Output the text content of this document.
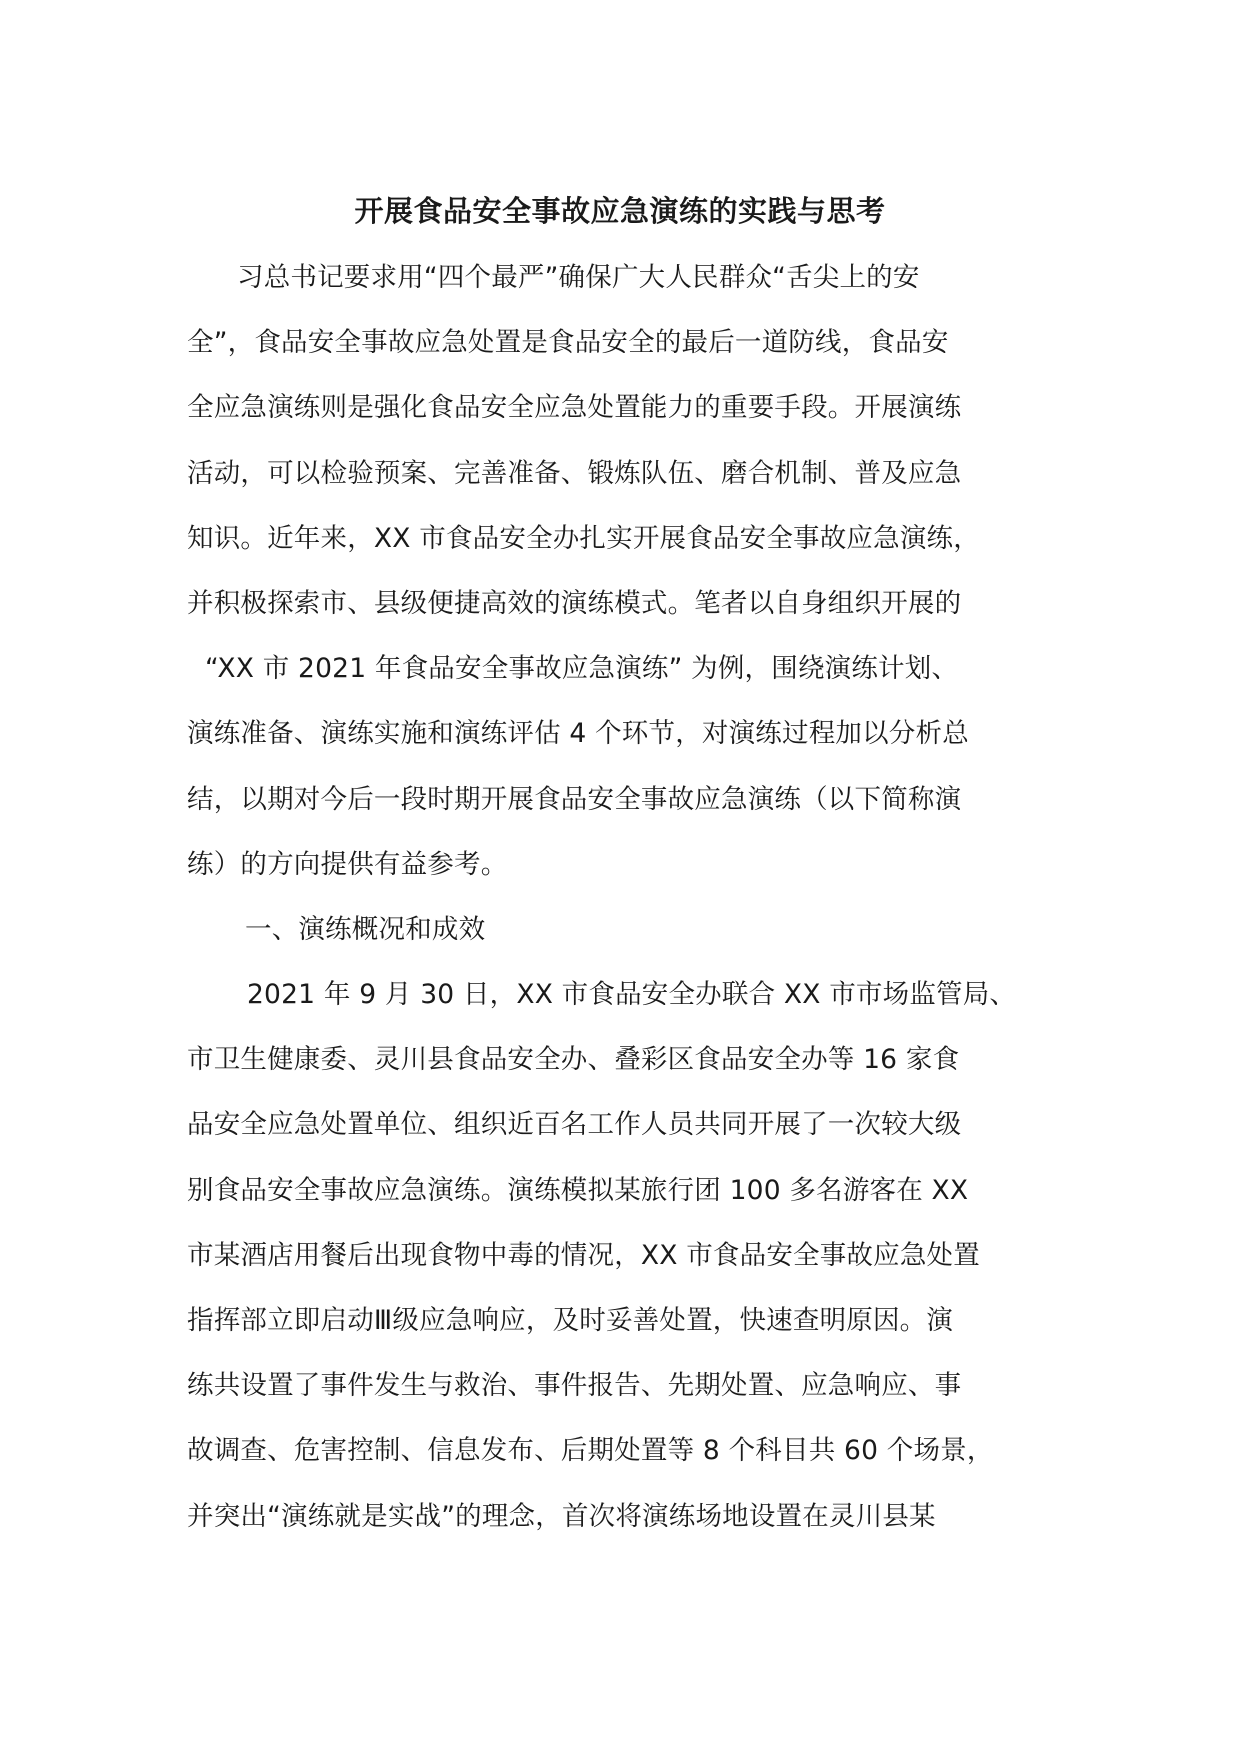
开展食品安全事故应急演练的实践与思考
习总书记要求用“四个最严”确保广大人民群众“舌尖上的安
全”，食品安全事故应急处置是食品安全的最后一道防线，食品安
全应急演练则是强化食品安全应急处置能力的重要手段。开展演练
活动，可以检验预案、完善准备、锻炼队伍、磨合机制、普及应急
知识。近年来，XX 市食品安全办扎实开展食品安全事故应急演练，
并积极探索市、县级便捷高效的演练模式。笔者以自身组织开展的
“XX 市 2021 年食品安全事故应急演练” 为例，围绕演练计划、
演练准备、演练实施和演练评估 4 个环节，对演练过程加以分析总
结，以期对今后一段时期开展食品安全事故应急演练（以下简称演
练）的方向提供有益参考。
一、演练概况和成效
2021 年 9 月 30 日，XX 市食品安全办联合 XX 市市场监管局、
市卫生健康委、灵川县食品安全办、叠彩区食品安全办等 16 家食
品安全应急处置单位、组织近百名工作人员共同开展了一次较大级
别食品安全事故应急演练。演练模拟某旅行团 100 多名游客在 XX
市某酒店用餐后出现食物中毒的情况，XX 市食品安全事故应急处置
指挥部立即启动Ⅲ级应急响应，及时妥善处置，快速查明原因。演
练共设置了事件发生与救治、事件报告、先期处置、应急响应、事
故调查、危害控制、信息发布、后期处置等 8 个科目共 60 个场景，
并突出“演练就是实战”的理念，首次将演练场地设置在灵川县某
